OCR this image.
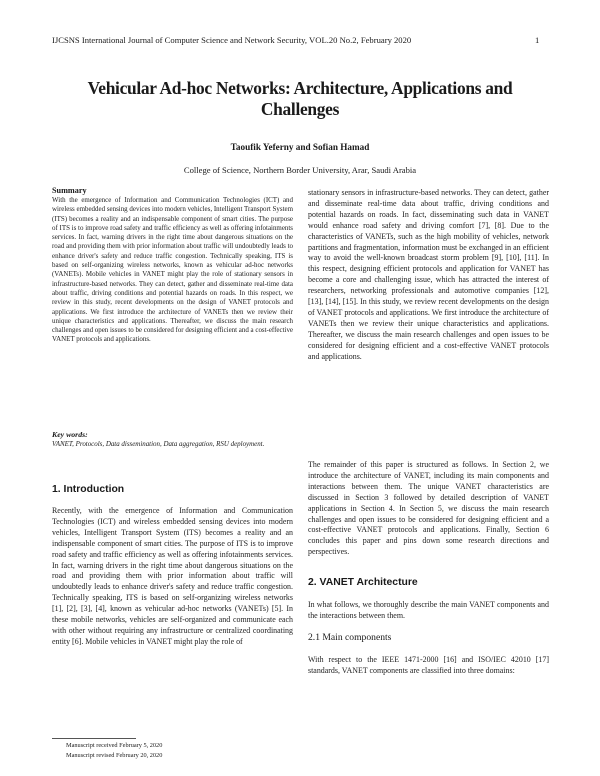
IJCSNS International Journal of Computer Science and Network Security, VOL.20 No.2, February 2020	1
Vehicular Ad-hoc Networks: Architecture, Applications and Challenges
Taoufik Yeferny and Sofian Hamad
College of Science, Northern Border University, Arar, Saudi Arabia
Summary
With the emergence of Information and Communication Technologies (ICT) and wireless embedded sensing devices into modern vehicles, Intelligent Transport System (ITS) becomes a reality and an indispensable component of smart cities. The purpose of ITS is to improve road safety and traffic efficiency as well as offering infotainments services. In fact, warning drivers in the right time about dangerous situations on the road and providing them with prior information about traffic will undoubtedly leads to enhance driver's safety and reduce traffic congestion. Technically speaking, ITS is based on self-organizing wireless networks, known as vehicular ad-hoc networks (VANETs). Mobile vehicles in VANET might play the role of stationary sensors in infrastructure-based networks. They can detect, gather and disseminate real-time data about traffic, driving conditions and potential hazards on roads. In this respect, we review in this study, recent developments on the design of VANET protocols and applications. We first introduce the architecture of VANETs then we review their unique characteristics and applications. Thereafter, we discuss the main research challenges and open issues to be considered for designing efficient and a cost-effective VANET protocols and applications.
Key words:
VANET, Protocols, Data dissemination, Data aggregation, RSU deployment.
1. Introduction
Recently, with the emergence of Information and Communication Technologies (ICT) and wireless embedded sensing devices into modern vehicles, Intelligent Transport System (ITS) becomes a reality and an indispensable component of smart cities. The purpose of ITS is to improve road safety and traffic efficiency as well as offering infotainments services. In fact, warning drivers in the right time about dangerous situations on the road and providing them with prior information about traffic will undoubtedly leads to enhance driver's safety and reduce traffic congestion. Technically speaking, ITS is based on self-organizing wireless networks [1], [2], [3], [4], known as vehicular ad-hoc networks (VANETs) [5]. In these mobile networks, vehicles are self-organized and communicate each with other without requiring any infrastructure or centralized coordinating entity [6]. Mobile vehicles in VANET might play the role of
stationary sensors in infrastructure-based networks. They can detect, gather and disseminate real-time data about traffic, driving conditions and potential hazards on roads. In fact, disseminating such data in VANET would enhance road safety and driving comfort [7], [8]. Due to the characteristics of VANETs, such as the high mobility of vehicles, network partitions and fragmentation, information must be exchanged in an efficient way to avoid the well-known broadcast storm problem [9], [10], [11]. In this respect, designing efficient protocols and application for VANET has become a core and challenging issue, which has attracted the interest of researchers, networking professionals and automotive companies [12], [13], [14], [15]. In this study, we review recent developments on the design of VANET protocols and applications. We first introduce the architecture of VANETs then we review their unique characteristics and applications. Thereafter, we discuss the main research challenges and open issues to be considered for designing efficient and a cost-effective VANET protocols and applications.
The remainder of this paper is structured as follows. In Section 2, we introduce the architecture of VANET, including its main components and interactions between them. The unique VANET characteristics are discussed in Section 3 followed by detailed description of VANET applications in Section 4. In Section 5, we discuss the main research challenges and open issues to be considered for designing efficient and a cost-effective VANET protocols and applications. Finally, Section 6 concludes this paper and pins down some research directions and perspectives.
2. VANET Architecture
In what follows, we thoroughly describe the main VANET components and the interactions between them.
2.1 Main components
With respect to the IEEE 1471-2000 [16] and ISO/IEC 42010 [17] standards, VANET components are classified into three domains:
Manuscript received February 5, 2020
Manuscript revised February 20, 2020
